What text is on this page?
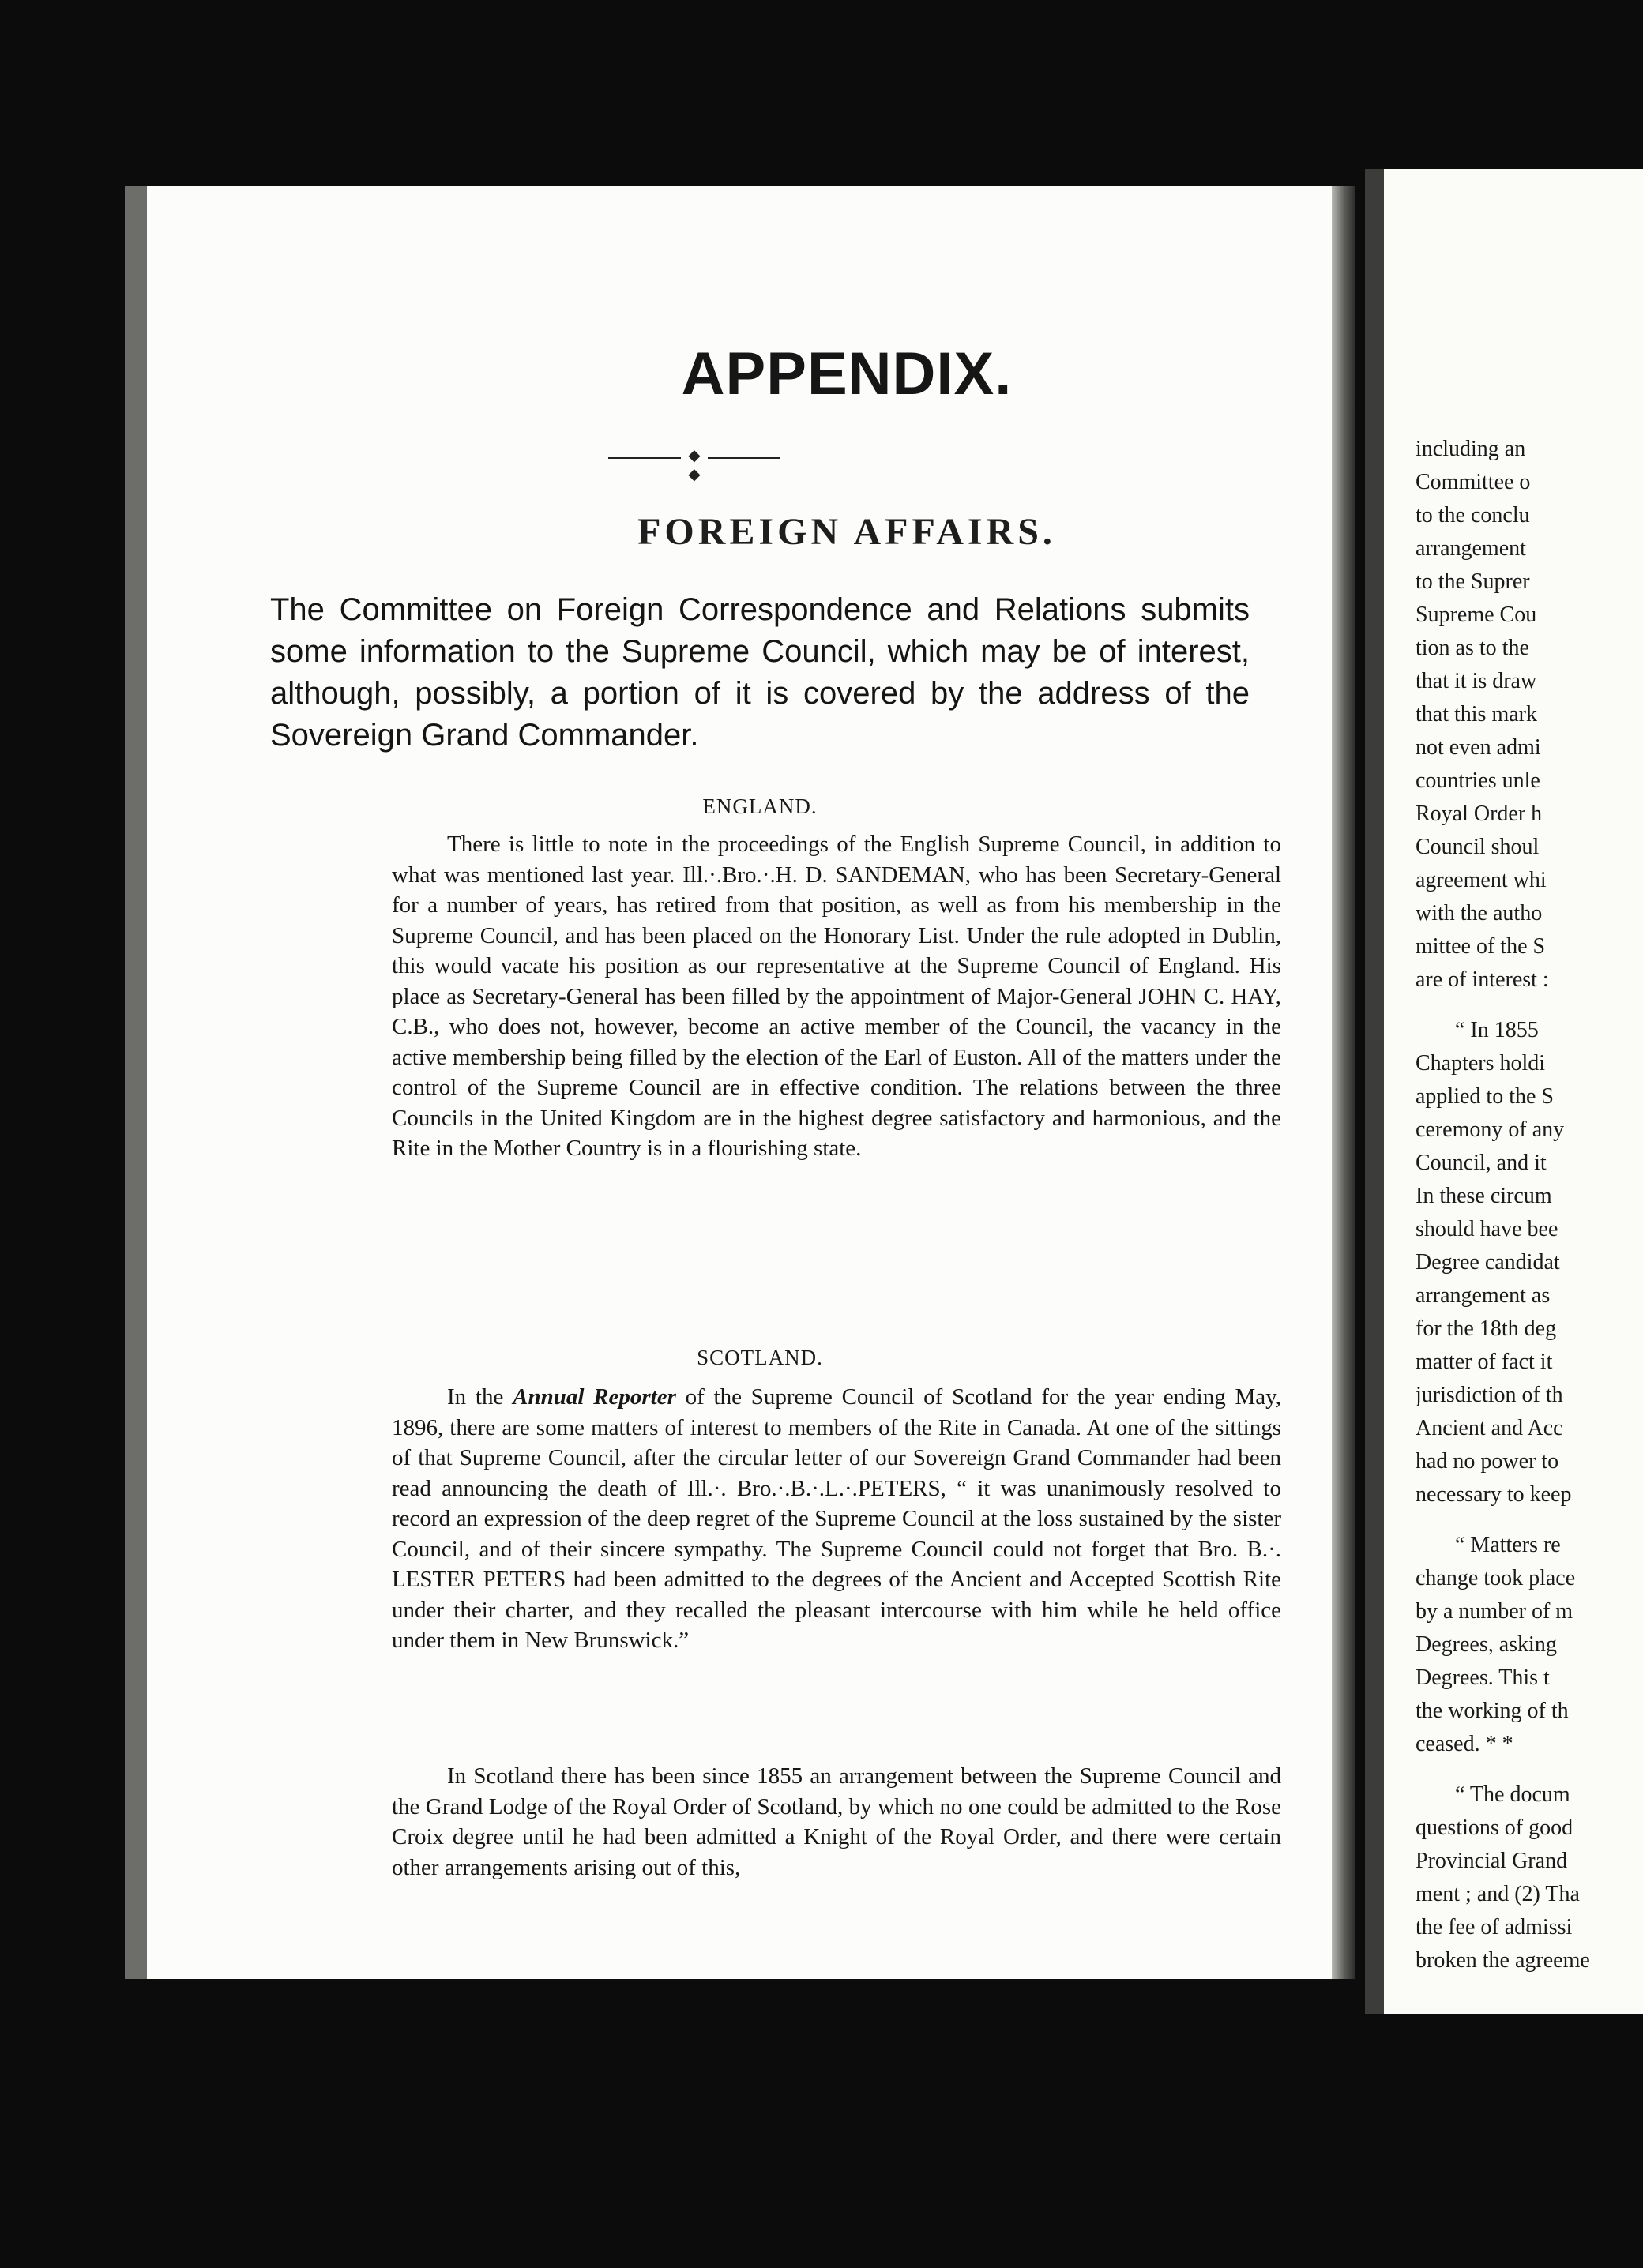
APPENDIX.
◆ ◆
FOREIGN AFFAIRS.
The Committee on Foreign Correspondence and Relations submits some information to the Supreme Council, which may be of interest, although, possibly, a portion of it is covered by the address of the Sovereign Grand Commander.
ENGLAND.
There is little to note in the proceedings of the English Supreme Council, in addition to what was mentioned last year. Ill.·.Bro.·.H. D. SANDEMAN, who has been Secretary-General for a number of years, has retired from that position, as well as from his membership in the Supreme Council, and has been placed on the Honorary List. Under the rule adopted in Dublin, this would vacate his position as our representative at the Supreme Council of England. His place as Secretary-General has been filled by the appointment of Major-General JOHN C. HAY, C.B., who does not, however, become an active member of the Council, the vacancy in the active membership being filled by the election of the Earl of Euston. All of the matters under the control of the Supreme Council are in effective condition. The relations between the three Councils in the United Kingdom are in the highest degree satisfactory and harmonious, and the Rite in the Mother Country is in a flourishing state.
SCOTLAND.
In the Annual Reporter of the Supreme Council of Scotland for the year ending May, 1896, there are some matters of interest to members of the Rite in Canada. At one of the sittings of that Supreme Council, after the circular letter of our Sovereign Grand Commander had been read announcing the death of Ill.·. Bro.·.B.·.L.·.PETERS, “ it was unanimously resolved to record an expression of the deep regret of the Supreme Council at the loss sustained by the sister Council, and of their sincere sympathy. The Supreme Council could not forget that Bro. B.·. LESTER PETERS had been admitted to the degrees of the Ancient and Accepted Scottish Rite under their charter, and they recalled the pleasant intercourse with him while he held office under them in New Brunswick.”
In Scotland there has been since 1855 an arrangement between the Supreme Council and the Grand Lodge of the Royal Order of Scotland, by which no one could be admitted to the Rose Croix degree until he had been admitted a Knight of the Royal Order, and there were certain other arrangements arising out of this,
including an
Committee o
to the conclu
arrangement
to the Suprer
Supreme Cou
tion as to the
that it is draw
that this mark
not even admi
countries unle
Royal Order h
Council shoul
agreement whi
with the autho
mittee of the S
are of interest :
“ In 1855
Chapters holdi
applied to the S
ceremony of any
Council, and it
In these circum
should have bee
Degree candidat
arrangement as
for the 18th deg
matter of fact it
jurisdiction of th
Ancient and Acc
had no power to
necessary to keep
“ Matters re
change took place
by a number of m
Degrees, asking
Degrees. This t
the working of th
ceased. * *
“ The docum
questions of good
Provincial Grand
ment ; and (2) Tha
the fee of admissi
broken the agreeme
